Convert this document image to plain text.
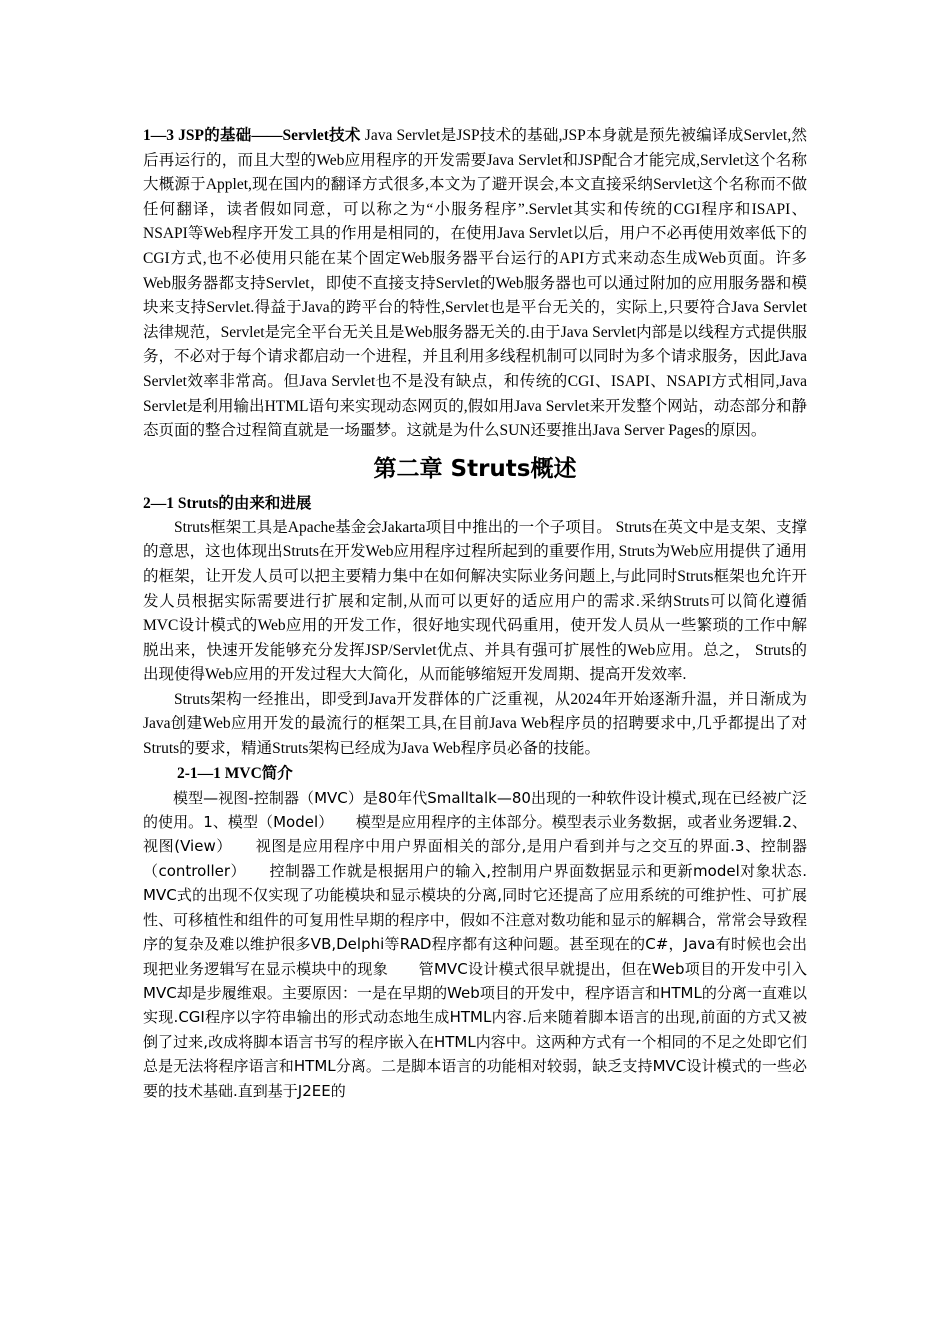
1—3 JSP的基础——Servlet技术 Java Servlet是JSP技术的基础,JSP本身就是预先被编译成Servlet,然后再运行的，而且大型的Web应用程序的开发需要Java Servlet和JSP配合才能完成,Servlet这个名称大概源于Applet,现在国内的翻译方式很多,本文为了避开误会,本文直接采纳Servlet这个名称而不做任何翻译，读者假如同意，可以称之为“小服务程序”.Servlet其实和传统的CGI程序和ISAPI、NSAPI等Web程序开发工具的作用是相同的，在使用Java Servlet以后，用户不必再使用效率低下的CGI方式,也不必使用只能在某个固定Web服务器平台运行的API方式来动态生成Web页面。许多Web服务器都支持Servlet，即使不直接支持Servlet的Web服务器也可以通过附加的应用服务器和模块来支持Servlet.得益于Java的跨平台的特性,Servlet也是平台无关的，实际上,只要符合Java Servlet法律规范，Servlet是完全平台无关且是Web服务器无关的.由于Java Servlet内部是以线程方式提供服务，不必对于每个请求都启动一个进程，并且利用多线程机制可以同时为多个请求服务，因此Java Servlet效率非常高。但Java Servlet也不是没有缺点，和传统的CGI、ISAPI、NSAPI方式相同,Java Servlet是利用输出HTML语句来实现动态网页的,假如用Java Servlet来开发整个网站，动态部分和静态页面的整合过程简直就是一场噩梦。这就是为什么SUN还要推出Java Server Pages的原因。

第二章 Struts概述
2—1 Struts的由来和进展

Struts框架工具是Apache基金会Jakarta项目中推出的一个子项目。 Struts在英文中是支架、支撑的意思，这也体现出Struts在开发Web应用程序过程所起到的重要作用, Struts为Web应用提供了通用的框架，让开发人员可以把主要精力集中在如何解决实际业务问题上,与此同时Struts框架也允许开发人员根据实际需要进行扩展和定制,从而可以更好的适应用户的需求.采纳Struts可以简化遵循MVC设计模式的Web应用的开发工作，很好地实现代码重用，使开发人员从一些繁琐的工作中解脱出来，快速开发能够充分发挥JSP/Servlet优点、并具有强可扩展性的Web应用。总之， Struts的出现使得Web应用的开发过程大大简化，从而能够缩短开发周期、提高开发效率.

Struts架构一经推出，即受到Java开发群体的广泛重视，从2024年开始逐渐升温，并日渐成为Java创建Web应用开发的最流行的框架工具,在目前Java Web程序员的招聘要求中,几乎都提出了对Struts的要求，精通Struts架构已经成为Java Web程序员必备的技能。

2-1—1 MVC简介

模型—视图-控制器（MVC）是80年代Smalltalk—80出现的一种软件设计模式,现在已经被广泛的使用。1、模型（Model）　　模型是应用程序的主体部分。模型表示业务数据，或者业务逻辑.2、视图(View）　　视图是应用程序中用户界面相关的部分,是用户看到并与之交互的界面.3、控制器（controller）　　控制器工作就是根据用户的输入,控制用户界面数据显示和更新model对象状态.　　MVC式的出现不仅实现了功能模块和显示模块的分离,同时它还提高了应用系统的可维护性、可扩展性、可移植性和组件的可复用性早期的程序中，假如不注意对数功能和显示的解耦合，常常会导致程序的复杂及难以维护很多VB,Delphi等RAD程序都有这种问题。甚至现在的C#，Java有时候也会出现把业务逻辑写在显示模块中的现象　　管MVC设计模式很早就提出，但在Web项目的开发中引入MVC却是步履维艰。主要原因：一是在早期的Web项目的开发中，程序语言和HTML的分离一直难以实现.CGI程序以字符串输出的形式动态地生成HTML内容.后来随着脚本语言的出现,前面的方式又被倒了过来,改成将脚本语言书写的程序嵌入在HTML内容中。这两种方式有一个相同的不足之处即它们总是无法将程序语言和HTML分离。二是脚本语言的功能相对较弱，缺乏支持MVC设计模式的一些必要的技术基础.直到基于J2EE的
